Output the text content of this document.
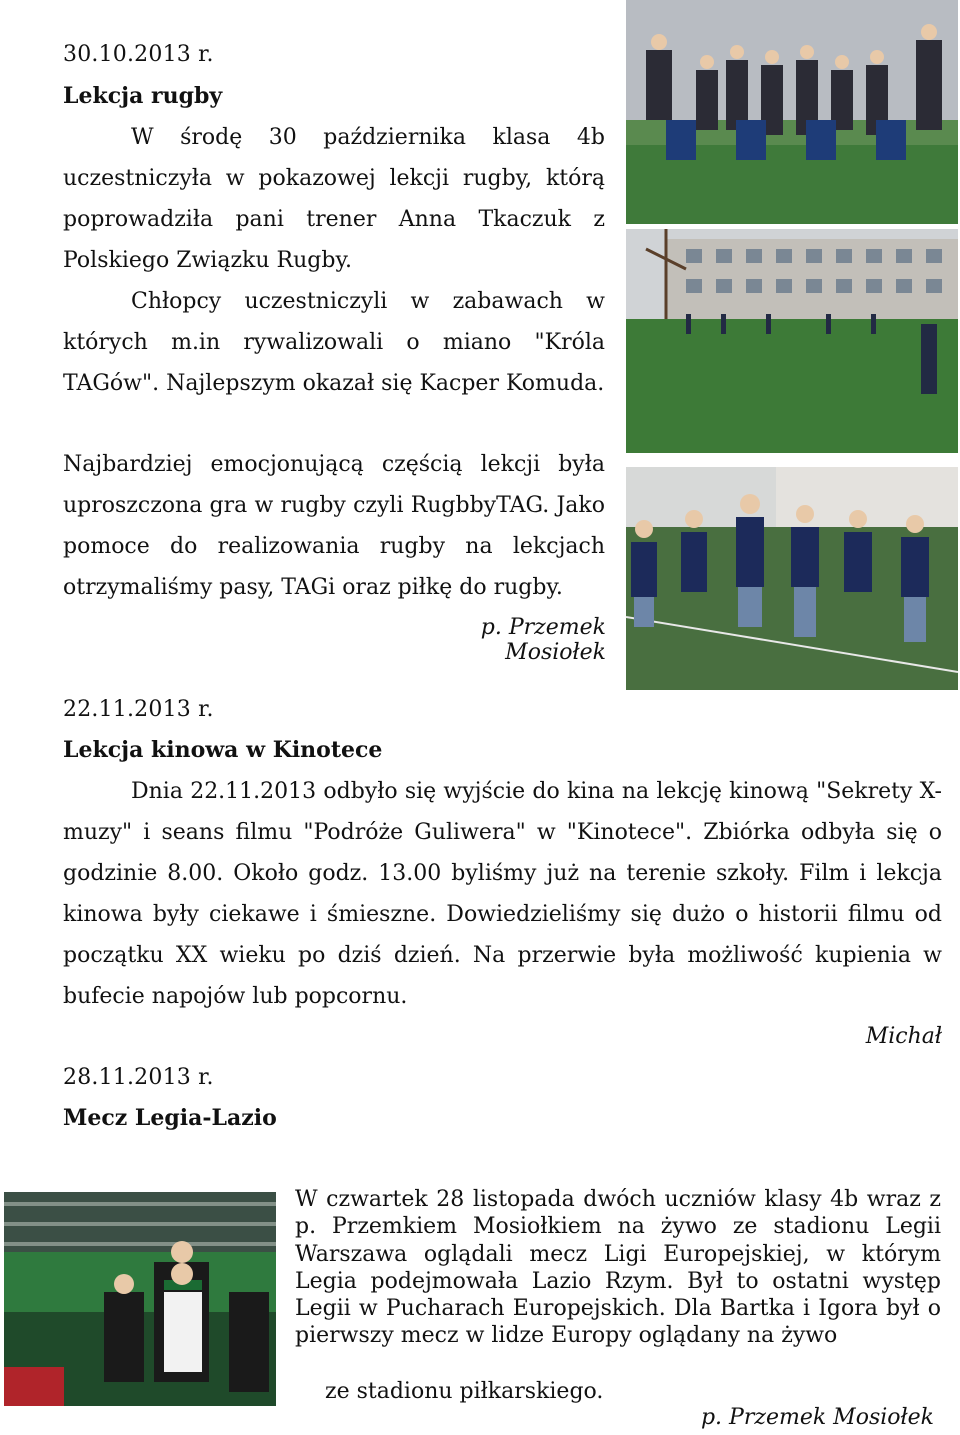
30.10.2013 r.
Lekcja rugby
W środę 30 października klasa 4b uczestniczyła w pokazowej lekcji rugby, którą poprowadziła pani trener Anna Tkaczuk z Polskiego Związku Rugby.
Chłopcy uczestniczyli w zabawach w których m.in rywalizowali o miano "Króla TAGów". Najlepszym okazał się Kacper Komuda.
Najbardziej emocjonującą częścią lekcji była uproszczona gra w rugby czyli RugbbyTAG. Jako pomoce do realizowania rugby na lekcjach otrzymaliśmy pasy, TAGi oraz piłkę do rugby.
p. Przemek Mosiołek
22.11.2013 r.
Lekcja kinowa w Kinotece
Dnia 22.11.2013 odbyło się wyjście do kina na lekcję kinową "Sekrety X-muzy" i seans filmu "Podróże Guliwera" w "Kinotece". Zbiórka odbyła się o godzinie 8.00. Około godz. 13.00 byliśmy już na terenie szkoły. Film i lekcja kinowa były ciekawe i śmieszne. Dowiedzieliśmy się dużo o historii filmu od początku XX wieku po dziś dzień. Na przerwie była możliwość kupienia w bufecie napojów lub popcornu.
Michał
28.11.2013 r.
Mecz Legia-Lazio
W czwartek 28 listopada dwóch uczniów klasy 4b wraz z p. Przemkiem Mosiołkiem na żywo ze stadionu Legii Warszawa oglądali mecz Ligi Europejskiej, w którym Legia podejmowała Lazio Rzym. Był to ostatni występ Legii w Pucharach Europejskich. Dla Bartka i Igora był o pierwszy mecz w lidze Europy oglądany na żywo
ze stadionu piłkarskiego.
p. Przemek Mosiołek
